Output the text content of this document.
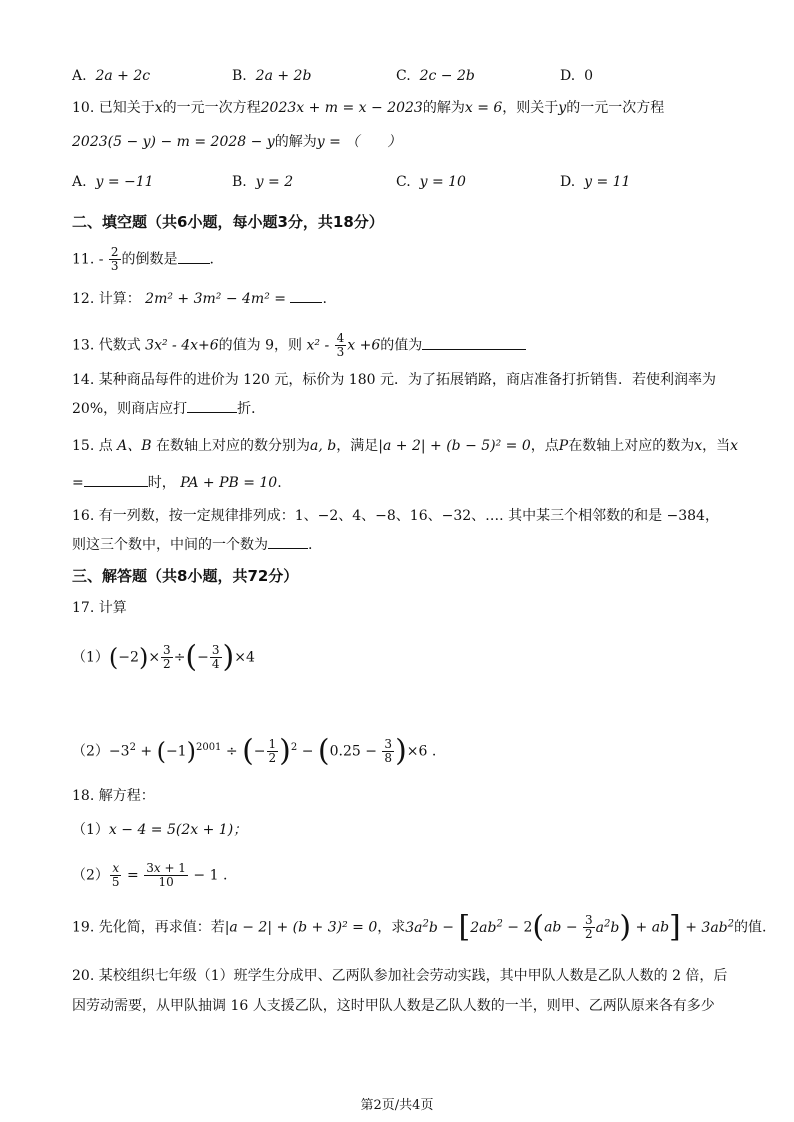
A. 2a + 2c	B. 2a + 2b	C. 2c − 2b	D. 0
10. 已知关于x的一元一次方程2023x + m = x − 2023的解为x = 6，则关于y的一元一次方程
2023(5 − y) − m = 2028 − y的解为y = （　　）
A. y = −11	B. y = 2	C. y = 10	D. y = 11
二、填空题（共6小题，每小题3分，共18分）
11. - $\frac{2}{3}$ 的倒数是 .
12. 计算： 2m² + 3m² − 4m² =	.
13. 代数式 3x² - 4x+6的值为 9，则 $x^2 - \frac{4}{3}$ x +6的值为
14. 某种商品每件的进价为 120 元，标价为 180 元．为了拓展销路，商店准备打折销售．若使利润率为
20%，则商店应打	折．
15. 点 A、B 在数轴上对应的数分别为a, b，满足|a + 2| + (b − 5)² = 0，点P在数轴上对应的数为x，当x
=	时， PA + PB = 10.
16. 有一列数，按一定规律排列成：1、−2、4、−8、16、−32、…. 其中某三个相邻数的和是 −384，
则这三个数中，中间的一个数为	.
三、解答题（共8小题，共72分）
17. 计算
$(1)(-2)\times \frac{3}{2}$ ÷(− $\frac{3}{4} )\times 4$
$(2)-3^2 + (-1)^{2001}$ ÷ (− $\frac{1}{2} )^2 - (0.25 - \frac{3}{8} )\times 6$ .
18. 解方程：
（1）x − 4 = 5(2x + 1)；
$(2) \frac{x}{5} = \frac{3x + 1}{10} - 1$ .
19. 先化简，再求值：若|a − 2| + (b + 3)² = 0，求$3a^2b - [2ab^2 - 2(ab - \frac{3}{2} a^2b) + ab] + 3ab^2$的值.
20. 某校组织七年级（1）班学生分成甲、乙两队参加社会劳动实践，其中甲队人数是乙队人数的 2 倍，后
因劳动需要，从甲队抽调 16 人支援乙队，这时甲队人数是乙队人数的一半，则甲、乙两队原来各有多少
第2页/共4页
